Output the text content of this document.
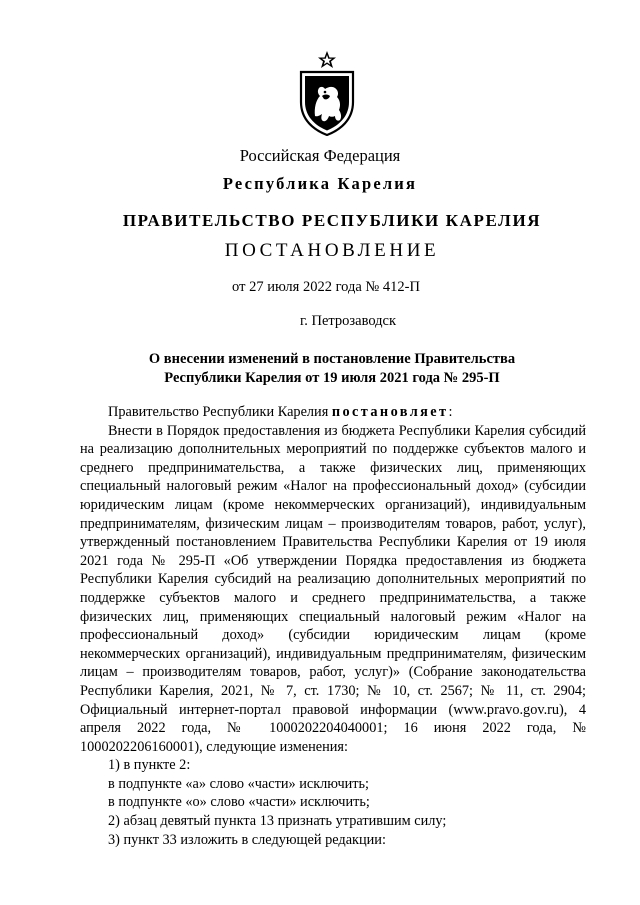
Российская Федерация
Республика Карелия
ПРАВИТЕЛЬСТВО РЕСПУБЛИКИ КАРЕЛИЯ
ПОСТАНОВЛЕНИЕ
от 27 июля 2022 года № 412-П
г. Петрозаводск
О внесении изменений в постановление Правительства
Республики Карелия от 19 июля 2021 года № 295-П

Правительство Республики Карелия постановляет:

Внести в Порядок предоставления из бюджета Республики Карелия субсидий на реализацию дополнительных мероприятий по поддержке субъектов малого и среднего предпринимательства, а также физических лиц, применяющих специальный налоговый режим «Налог на профессиональный доход» (субсидии юридическим лицам (кроме некоммерческих организаций), индивидуальным предпринимателям, физическим лицам – производителям товаров, работ, услуг), утвержденный постановлением Правительства Республики Карелия от 19 июля 2021 года № 295-П «Об утверждении Порядка предоставления из бюджета Республики Карелия субсидий на реализацию дополнительных мероприятий по поддержке субъектов малого и среднего предпринимательства, а также физических лиц, применяющих специальный налоговый режим «Налог на профессиональный доход» (субсидии юридическим лицам (кроме некоммерческих организаций), индивидуальным предпринимателям, физическим лицам – производителям товаров, работ, услуг)» (Собрание законодательства Республики Карелия, 2021, № 7, ст. 1730; № 10, ст. 2567; № 11, ст. 2904; Официальный интернет-портал правовой информации (www.pravo.gov.ru), 4 апреля 2022 года, № 1000202204040001; 16 июня 2022 года, № 1000202206160001), следующие изменения:

1) в пункте 2:

в подпункте «а» слово «части» исключить;

в подпункте «о» слово «части» исключить;

2) абзац девятый пункта 13 признать утратившим силу;

3) пункт 33 изложить в следующей редакции:
